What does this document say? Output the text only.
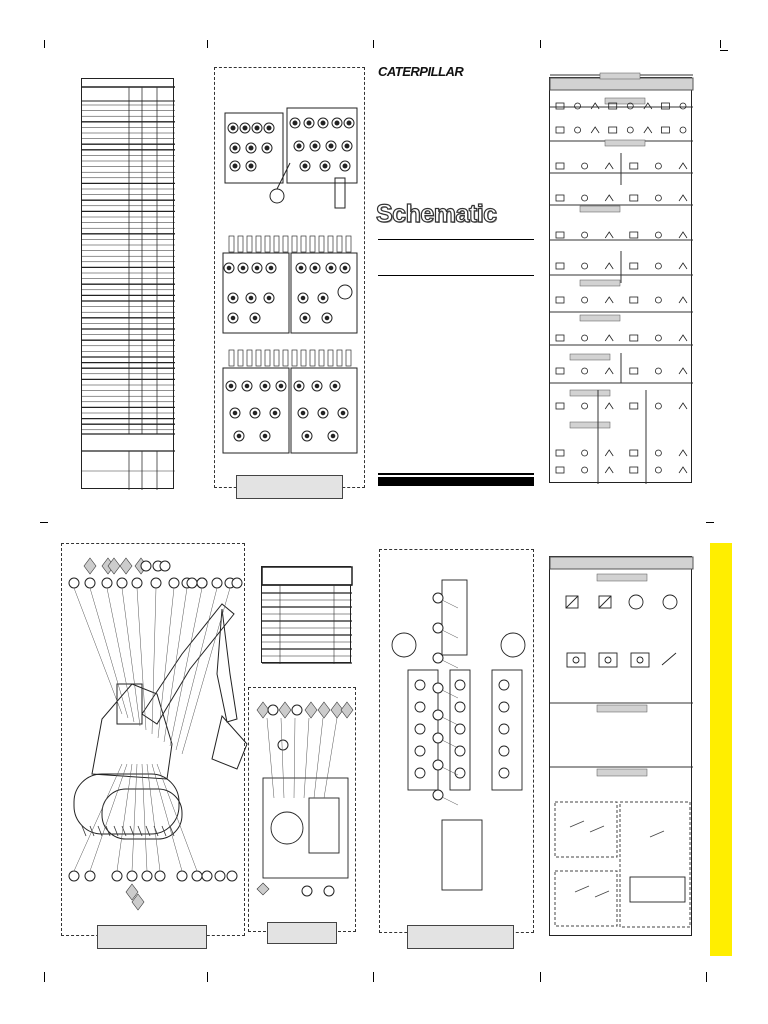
CATERPILLAR
Schematic
